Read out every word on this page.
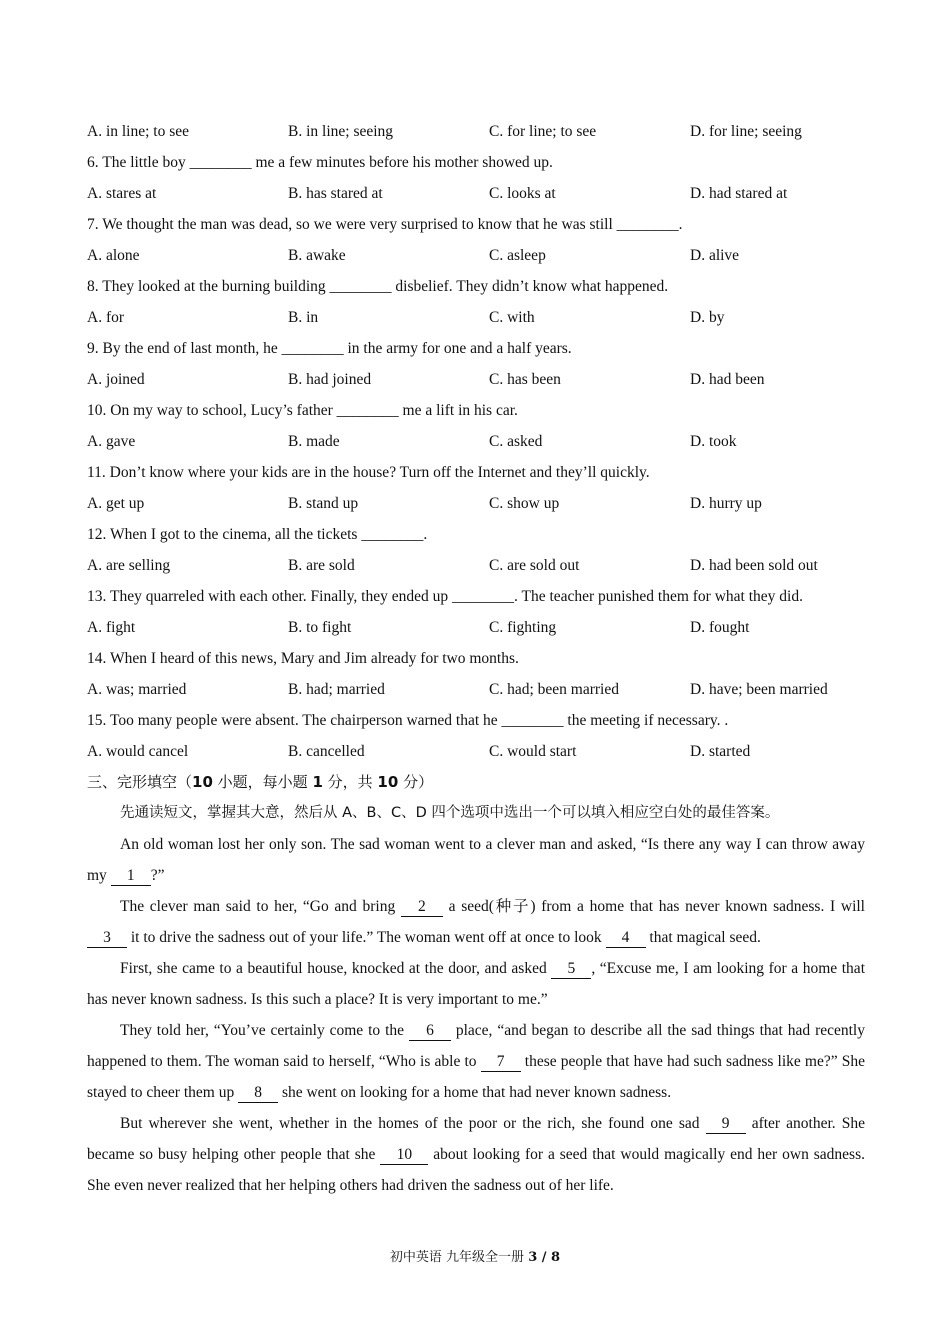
A. in line; to see	B. in line; seeing	C. for line; to see	D. for line; seeing
6. The little boy ________ me a few minutes before his mother showed up.
A. stares at	B. has stared at	C. looks at	D. had stared at
7. We thought the man was dead, so we were very surprised to know that he was still ________.
A. alone	B. awake	C. asleep	D. alive
8. They looked at the burning building ________ disbelief. They didn’t know what happened.
A. for	B. in	C. with	D. by
9. By the end of last month, he ________ in the army for one and a half years.
A. joined	B. had joined	C. has been	D. had been
10. On my way to school, Lucy’s father ________ me a lift in his car.
A. gave	B. made	C. asked	D. took
11. Don’t know where your kids are in the house? Turn off the Internet and they’ll quickly.
A. get up	B. stand up	C. show up	D. hurry up
12. When I got to the cinema, all the tickets ________.
A. are selling	B. are sold	C. are sold out	D. had been sold out
13. They quarreled with each other. Finally, they ended up ________. The teacher punished them for what they did.
A. fight	B. to fight	C. fighting	D. fought
14. When I heard of this news, Mary and Jim already for two months.
A. was; married	B. had; married	C. had; been married	D. have; been married
15. Too many people were absent. The chairperson warned that he ________ the meeting if necessary. .
A. would cancel	B. cancelled	C. would start	D. started
三、完形填空（10 小题，每小题 1 分，共 10 分）

先通读短文，掌握其大意，然后从 A、B、C、D 四个选项中选出一个可以填入相应空白处的最佳答案。

An old woman lost her only son. The sad woman went to a clever man and asked, “Is there any way I can throw away my 1 ?”

The clever man said to her, “Go and bring 2 a seed(种子) from a home that has never known sadness. I will 3 it to drive the sadness out of your life.” The woman went off at once to look 4 that magical seed.

First, she came to a beautiful house, knocked at the door, and asked 5 , “Excuse me, I am looking for a home that has never known sadness. Is this such a place? It is very important to me.”

They told her, “You’ve certainly come to the 6 place, “and began to describe all the sad things that had recently happened to them. The woman said to herself, “Who is able to 7 these people that have had such sadness like me?” She stayed to cheer them up 8 she went on looking for a home that had never known sadness.

But wherever she went, whether in the homes of the poor or the rich, she found one sad 9 after another. She became so busy helping other people that she 10 about looking for a seed that would magically end her own sadness. She even never realized that her helping others had driven the sadness out of her life.

初中英语 九年级全一册 3 / 8
